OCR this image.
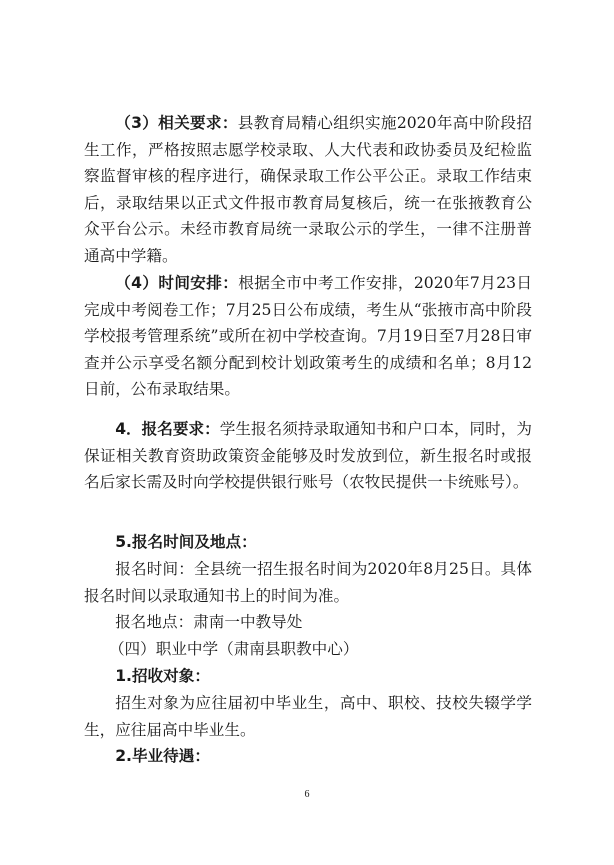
（3）相关要求：县教育局精心组织实施2020年高中阶段招生工作，严格按照志愿学校录取、人大代表和政协委员及纪检监察监督审核的程序进行，确保录取工作公平公正。录取工作结束后，录取结果以正式文件报市教育局复核后，统一在张掖教育公众平台公示。未经市教育局统一录取公示的学生，一律不注册普通高中学籍。

（4）时间安排：根据全市中考工作安排，2020年7月23日完成中考阅卷工作；7月25日公布成绩，考生从“张掖市高中阶段学校报考管理系统”或所在初中学校查询。7月19日至7月28日审查并公示享受名额分配到校计划政策考生的成绩和名单；8月12日前，公布录取结果。

4．报名要求：学生报名须持录取通知书和户口本，同时，为保证相关教育资助政策资金能够及时发放到位，新生报名时或报名后家长需及时向学校提供银行账号（农牧民提供一卡统账号）。

5.报名时间及地点：

报名时间：全县统一招生报名时间为2020年8月25日。具体报名时间以录取通知书上的时间为准。

报名地点：肃南一中教导处

（四）职业中学（肃南县职教中心）

1.招收对象：

招生对象为应往届初中毕业生，高中、职校、技校失辍学学生，应往届高中毕业生。

2.毕业待遇：

6
